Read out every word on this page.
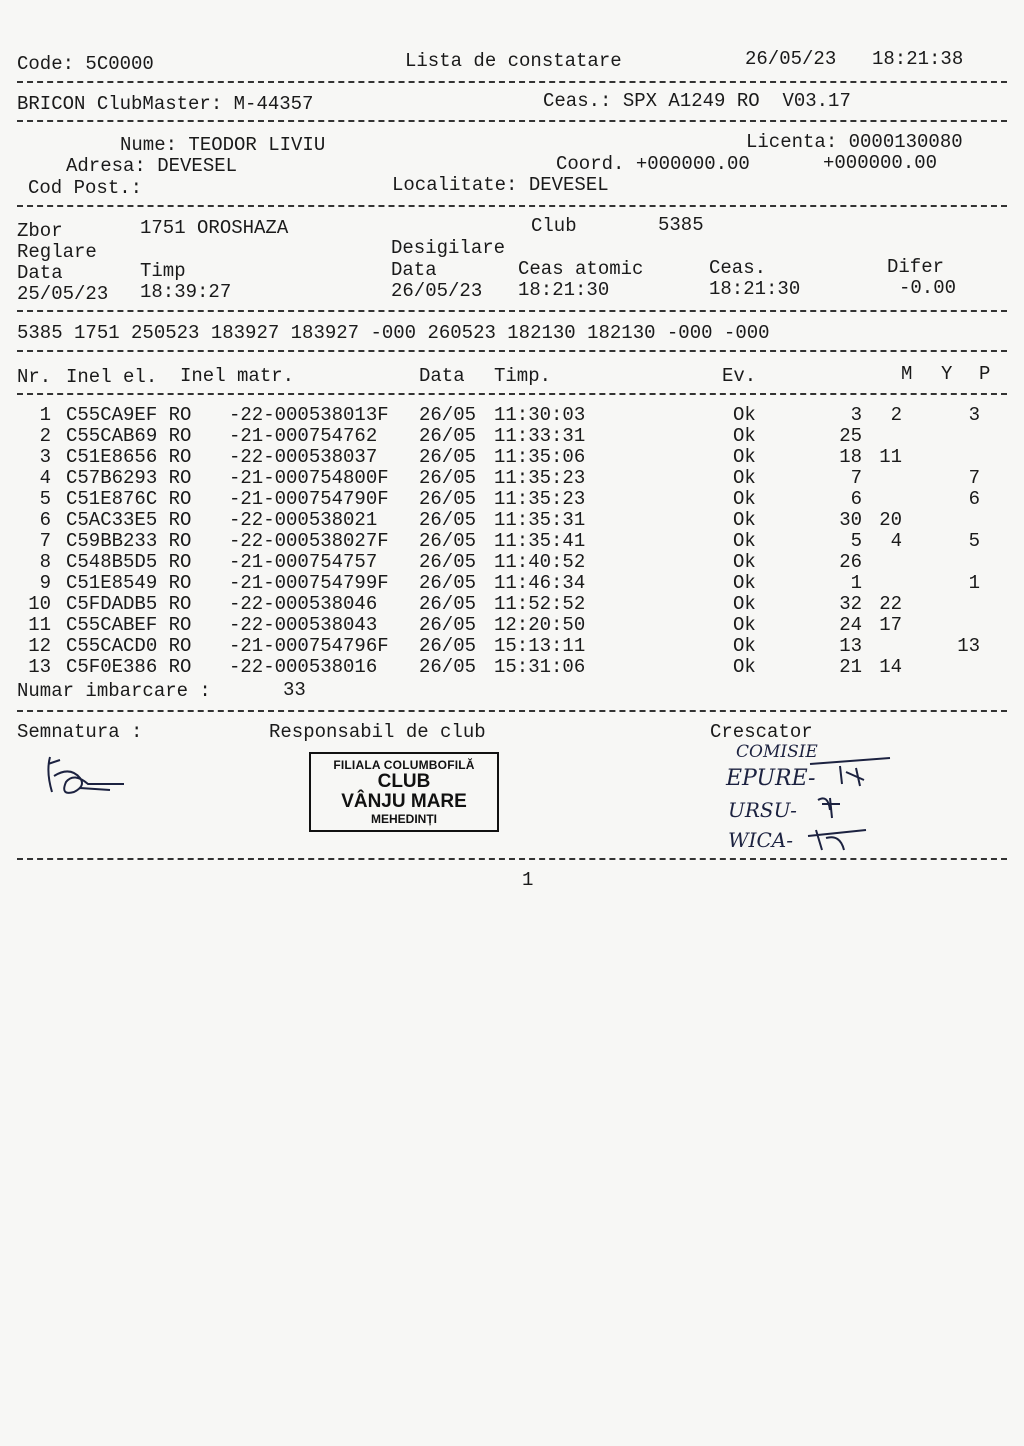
Code: 5C0000	Lista de constatare	26/05/23 18:21:38
BRICON ClubMaster: M-44357	Ceas.: SPX A1249 RO  V03.17
Nume: TEODOR LIVIU	Licenta: 0000130080
Adresa: DEVESEL	Coord. +000000.00	+000000.00
Cod Post.:	Localitate: DEVESEL
Zbor	1751 OROSHAZA	Club	5385
Reglare	Desigilare
Data	Timp	Data	Ceas atomic	Ceas.	Difer
25/05/23 18:39:27	26/05/23 18:21:30	18:21:30	-0.00
5385 1751 250523 183927 183927 -000 260523 182130 182130 -000 -000
Nr. Inel el. Inel matr.	Data Timp.	Ev.	M Y P
1 C55CA9EF RO -22-000538013F 26/05 11:30:03	Ok	3 2	3
2 C55CAB69 RO -21-000754762 26/05 11:33:31	Ok	25
3 C51E8656 RO -22-000538037 26/05 11:35:06	Ok	18 11
4 C57B6293 RO -21-000754800F 26/05 11:35:23	Ok	7	7
5 C51E876C RO -21-000754790F 26/05 11:35:23	Ok	6	6
6 C5AC33E5 RO -22-000538021 26/05 11:35:31	Ok	30 20
7 C59BB233 RO -22-000538027F 26/05 11:35:41	Ok	5 4	5
8 C548B5D5 RO -21-000754757 26/05 11:40:52	Ok	26
9 C51E8549 RO -21-000754799F 26/05 11:46:34	Ok	1	1
10 C5FDADB5 RO -22-000538046 26/05 11:52:52	Ok	32 22
11 C55CABEF RO -22-000538043 26/05 12:20:50	Ok	24 17
12 C55CACD0 RO -21-000754796F 26/05 15:13:11	Ok	13	13
13 C5F0E386 RO -22-000538016 26/05 15:31:06	Ok	21 14
Numar imbarcare :	33
Semnatura :	Responsabil de club	Crescator
FILIALA COLUMBOFILĂ
CLUB
VÂNJU MARE
MEHEDINȚI
COMISIE
EPURE-
URSU-
WICA-
1
